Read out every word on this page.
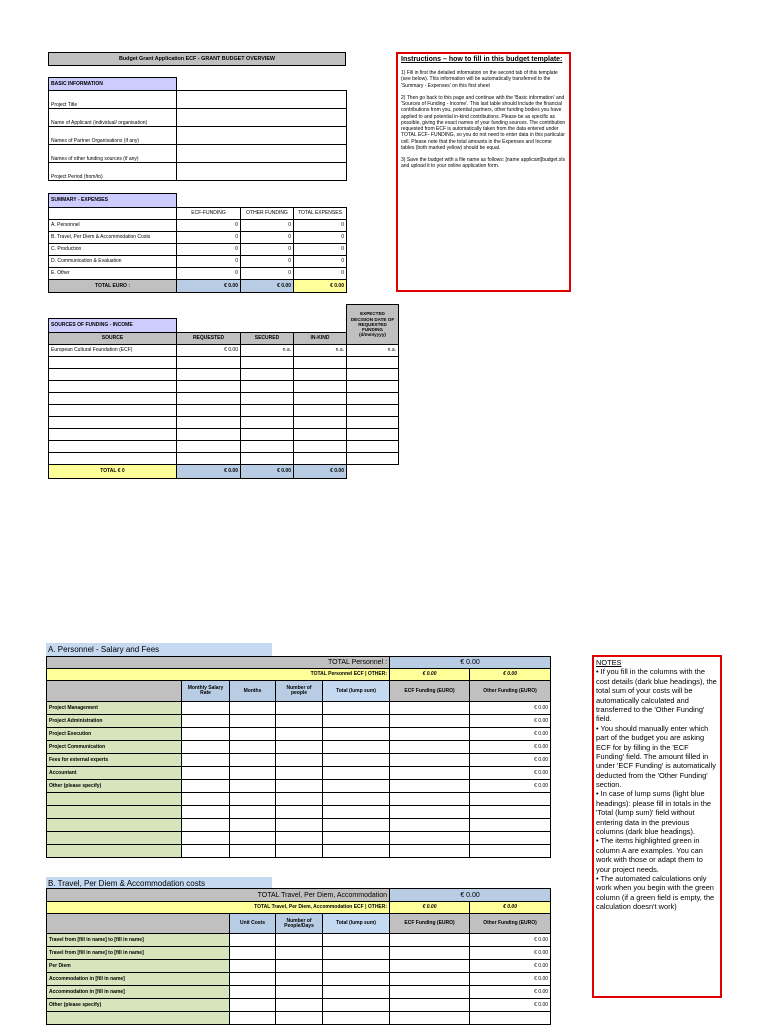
Budget Grant Application ECF - GRANT BUDGET OVERVIEW
BASIC INFORMATION	
Project Title	
Name of Applicant (individual/ organisation)	
Names of Partner Organisations (if any)	
Names of other funding sources (if any)	
Project Period (from/to)	
Instructions – how to fill in this budget template:

1) Fill in first the detailed information on the second tab of this template (see below). This information will be automatically transferred to the 'Summary - Expenses' on this first sheet

2) Then go back to this page and continue with the 'Basic information' and 'Sources of Funding - Income'. This last table should include the financial contributions from you, potential partners, other funding bodies you have applied to and potential in-kind contributions. Please be as specific as possible, giving the exact names of your funding sources. The contribution requested from ECF is automatically taken from the data entered under TOTAL ECF- FUNDING, so you do not need to enter data in this particular cell. Please note that the total amounts in the Expenses and Income tables (both marked yellow) should be equal.

3) Save the budget with a file name as follows: [name applicant]budget.xls and upload it to your online application form.

SUMMARY - EXPENSES			
	ECF-FUNDING	OTHER FUNDING	TOTAL EXPENSES
A. Personnel	0	0	0
B. Travel, Per Diem & Accommodation Costs	0	0	0
C. Production	0	0	0
D. Communication & Evaluation	0	0	0
E. Other	0	0	0
TOTAL EURO :	€ 0.00	€ 0.00	€ 0.00
				EXPECTED DECISION DATE OF REQUESTED FUNDING (d/mm/yyyy)
SOURCES OF FUNDING - INCOME				
SOURCE	REQUESTED	SECURED	IN-KIND	
European Cultural Foundation (ECF)	€ 0.00	n.a.	n.a.	n.a.

TOTAL € 0	€ 0.00	€ 0.00	€ 0.00	
A. Personnel - Salary and Fees
TOTAL Personnel :					€ 0.00	
TOTAL Personnel ECF | OTHER:					€ 0.00	€ 0.00
	Monthly Salary Rate	Months	Number of people	Total (lump sum)	ECF Funding (EURO)	Other Funding (EURO)
Project Management						€ 0.00
Project Administration						€ 0.00
Project Execution						€ 0.00
Project Communication						€ 0.00
Fees for external experts						€ 0.00
Accountant						€ 0.00
Other (please specify)						€ 0.00

NOTES
• If you fill in the columns with the cost details (dark blue headings), the total sum of your costs will be automatically calculated and transferred to the 'Other Funding' field.
• You should manually enter which part of the budget you are asking ECF for by filling in the 'ECF Funding' field. The amount filled in under 'ECF Funding' is automatically deducted from the 'Other Funding' section.
• In case of lump sums (light blue headings): please fill in totals in the 'Total (lump sum)' field without entering data in the previous columns (dark blue headings).
• The items highlighted green in column A are examples. You can work with those or adapt them to your project needs.
• The automated calculations only work when you begin with the green column (if a green field is empty, the calculation doesn't work)
B. Travel, Per Diem & Accommodation costs
TOTAL Travel, Per Diem, Accommodation				€ 0.00	
TOTAL Travel, Per Diem, Accommodation ECF | OTHER:				€ 0.00	€ 0.00
	Unit Costs	Number of People/Days	Total (lump sum)	ECF Funding (EURO)	Other Funding (EURO)
Travel from [fill in name] to [fill in name]					€ 0.00
Travel from [fill in name] to [fill in name]					€ 0.00
Per Diem					€ 0.00
Accommodation in [fill in name]					€ 0.00
Accommodation in [fill in name]					€ 0.00
Other (please specify)					€ 0.00
